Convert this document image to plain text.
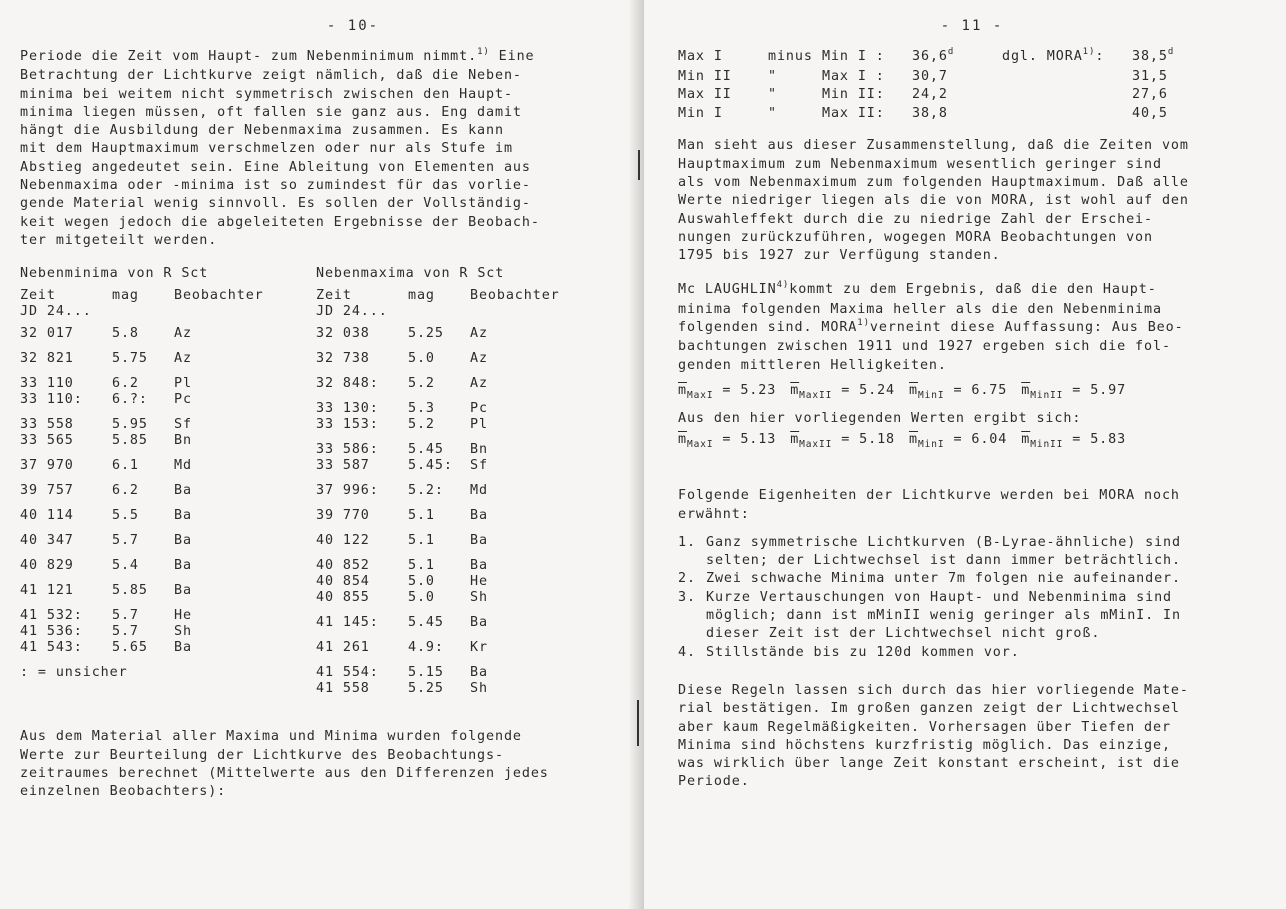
- 10-
Periode die Zeit vom Haupt- zum Nebenminimum nimmt.$^{1)}$ Eine
Betrachtung der Lichtkurve zeigt nämlich, daß die Neben-
minima bei weitem nicht symmetrisch zwischen den Haupt-
minima liegen müssen, oft fallen sie ganz aus. Eng damit
hängt die Ausbildung der Nebenmaxima zusammen. Es kann
mit dem Hauptmaximum verschmelzen oder nur als Stufe im
Abstieg angedeutet sein. Eine Ableitung von Elementen aus
Nebenmaxima oder -minima ist so zumindest für das vorlie-
gende Material wenig sinnvoll. Es sollen der Vollständig-
keit wegen jedoch die abgeleiteten Ergebnisse der Beobach-
ter mitgeteilt werden.
Nebenminima von R Sct
Zeit
JD 24...
mag	Beobachter
32 017	5.8	Az
32 821	5.75	Az
33 110	6.2	Pl
33 110:	6.?:	Pc
33 558	5.95	Sf
33 565	5.85	Bn
37 970	6.1	Md
39 757	6.2	Ba
40 114	5.5	Ba
40 347	5.7	Ba
40 829	5.4	Ba
41 121	5.85	Ba
41 532:	5.7	He
41 536:	5.7	Sh
41 543:	5.65	Ba
: = unsicher
Nebenmaxima von R Sct
Zeit
JD 24...
mag	Beobachter
32 038	5.25	Az
32 738	5.0	Az
32 848:	5.2	Az
33 130:	5.3	Pc
33 153:	5.2	Pl
33 586:	5.45	Bn
33 587	5.45:	Sf
37 996:	5.2:	Md
39 770	5.1	Ba
40 122	5.1	Ba
40 852	5.1	Ba
40 854	5.0	He
40 855	5.0	Sh
41 145:	5.45	Ba
41 261	4.9:	Kr
41 554:	5.15	Ba
41 558	5.25	Sh
Aus dem Material aller Maxima und Minima wurden folgende
Werte zur Beurteilung der Lichtkurve des Beobachtungs-
zeitraumes berechnet (Mittelwerte aus den Differenzen jedes
einzelnen Beobachters):
- 11 -
Max I	minus Min I :	36,6$^d$	dgl. MORA$^{1)}$:	38,5$^d$
Min II	"	Max I :	30,7	31,5
Max II	"	Min II:	24,2	27,6
Min I	"	Max II:	38,8	40,5
Man sieht aus dieser Zusammenstellung, daß die Zeiten vom
Hauptmaximum zum Nebenmaximum wesentlich geringer sind
als vom Nebenmaximum zum folgenden Hauptmaximum. Daß alle
Werte niedriger liegen als die von MORA, ist wohl auf den
Auswahleffekt durch die zu niedrige Zahl der Erschei-
nungen zurückzuführen, wogegen MORA Beobachtungen von
1795 bis 1927 zur Verfügung standen.
Mc LAUGHLIN$^{4)}$kommt zu dem Ergebnis, daß die den Haupt-
minima folgenden Maxima heller als die den Nebenminima
folgenden sind. MORA$^{1)}$verneint diese Auffassung: Aus Beo-
bachtungen zwischen 1911 und 1927 ergeben sich die fol-
genden mittleren Helligkeiten.
$\overline{m}_{MaxI} = 5.23$ $\overline{m}_{MaxII} = 5.24$ $\overline{m}_{MinI} = 6.75$ $\overline{m}_{MinII} = 5.97$
Aus den hier vorliegenden Werten ergibt sich:
$\overline{m}_{MaxI} = 5.13$ $\overline{m}_{MaxII} = 5.18$ $\overline{m}_{MinI} = 6.04$ $\overline{m}_{MinII} = 5.83$
Folgende Eigenheiten der Lichtkurve werden bei MORA noch
erwähnt:
1. Ganz symmetrische Lichtkurven (B-Lyrae-ähnliche) sind
selten; der Lichtwechsel ist dann immer beträchtlich.
2. Zwei schwache Minima unter 7m folgen nie aufeinander.
3. Kurze Vertauschungen von Haupt- und Nebenminima sind
möglich; dann ist mMinII wenig geringer als mMinI. In
dieser Zeit ist der Lichtwechsel nicht groß.
4. Stillstände bis zu 120d kommen vor.
Diese Regeln lassen sich durch das hier vorliegende Mate-
rial bestätigen. Im großen ganzen zeigt der Lichtwechsel
aber kaum Regelmäßigkeiten. Vorhersagen über Tiefen der
Minima sind höchstens kurzfristig möglich. Das einzige,
was wirklich über lange Zeit konstant erscheint, ist die
Periode.
